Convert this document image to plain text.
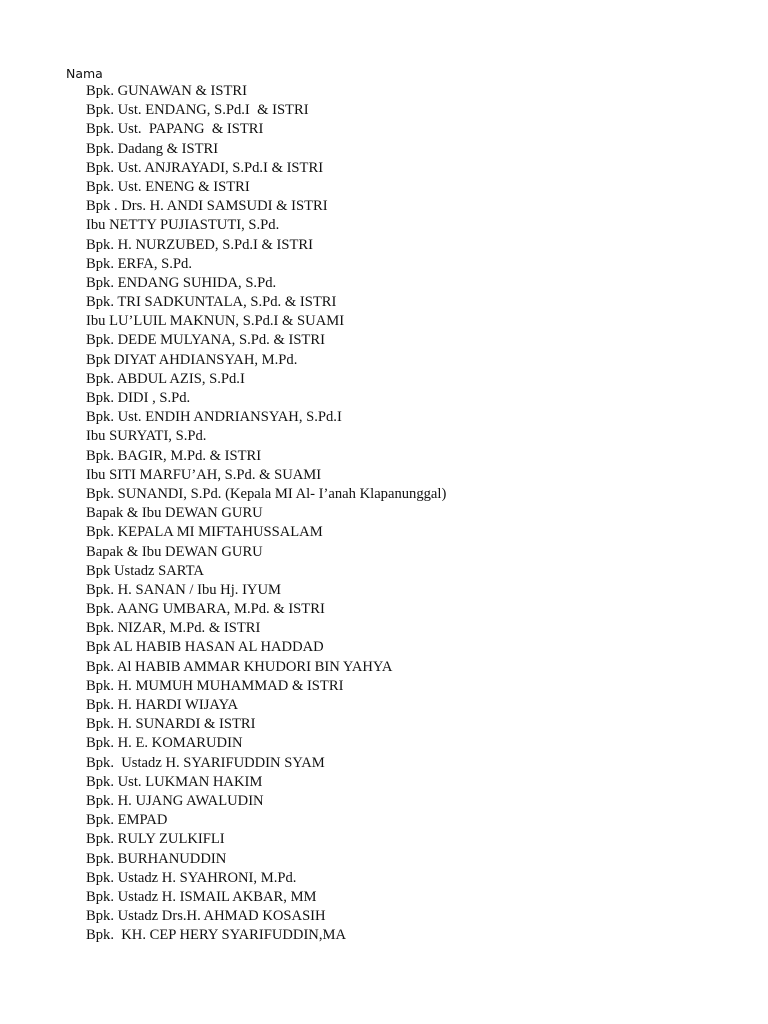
Nama
Bpk. GUNAWAN & ISTRI
Bpk. Ust. ENDANG, S.Pd.I  & ISTRI
Bpk. Ust.  PAPANG  & ISTRI
Bpk. Dadang & ISTRI
Bpk. Ust. ANJRAYADI, S.Pd.I & ISTRI
Bpk. Ust. ENENG & ISTRI
Bpk . Drs. H. ANDI SAMSUDI & ISTRI
Ibu NETTY PUJIASTUTI, S.Pd.
Bpk. H. NURZUBED, S.Pd.I & ISTRI
Bpk. ERFA, S.Pd.
Bpk. ENDANG SUHIDA, S.Pd.
Bpk. TRI SADKUNTALA, S.Pd. & ISTRI
Ibu LU’LUIL MAKNUN, S.Pd.I & SUAMI
Bpk. DEDE MULYANA, S.Pd. & ISTRI
Bpk DIYAT AHDIANSYAH, M.Pd.
Bpk. ABDUL AZIS, S.Pd.I
Bpk. DIDI , S.Pd.
Bpk. Ust. ENDIH ANDRIANSYAH, S.Pd.I
Ibu SURYATI, S.Pd.
Bpk. BAGIR, M.Pd. & ISTRI
Ibu SITI MARFU’AH, S.Pd. & SUAMI
Bpk. SUNANDI, S.Pd. (Kepala MI Al- I’anah Klapanunggal)
Bapak & Ibu DEWAN GURU
Bpk. KEPALA MI MIFTAHUSSALAM
Bapak & Ibu DEWAN GURU
Bpk Ustadz SARTA
Bpk. H. SANAN / Ibu Hj. IYUM
Bpk. AANG UMBARA, M.Pd. & ISTRI
Bpk. NIZAR, M.Pd. & ISTRI
Bpk AL HABIB HASAN AL HADDAD
Bpk. Al HABIB AMMAR KHUDORI BIN YAHYA
Bpk. H. MUMUH MUHAMMAD & ISTRI
Bpk. H. HARDI WIJAYA
Bpk. H. SUNARDI & ISTRI
Bpk. H. E. KOMARUDIN
Bpk.  Ustadz H. SYARIFUDDIN SYAM
Bpk. Ust. LUKMAN HAKIM
Bpk. H. UJANG AWALUDIN
Bpk. EMPAD
Bpk. RULY ZULKIFLI
Bpk. BURHANUDDIN
Bpk. Ustadz H. SYAHRONI, M.Pd.
Bpk. Ustadz H. ISMAIL AKBAR, MM
Bpk. Ustadz Drs.H. AHMAD KOSASIH
Bpk.  KH. CEP HERY SYARIFUDDIN,MA
